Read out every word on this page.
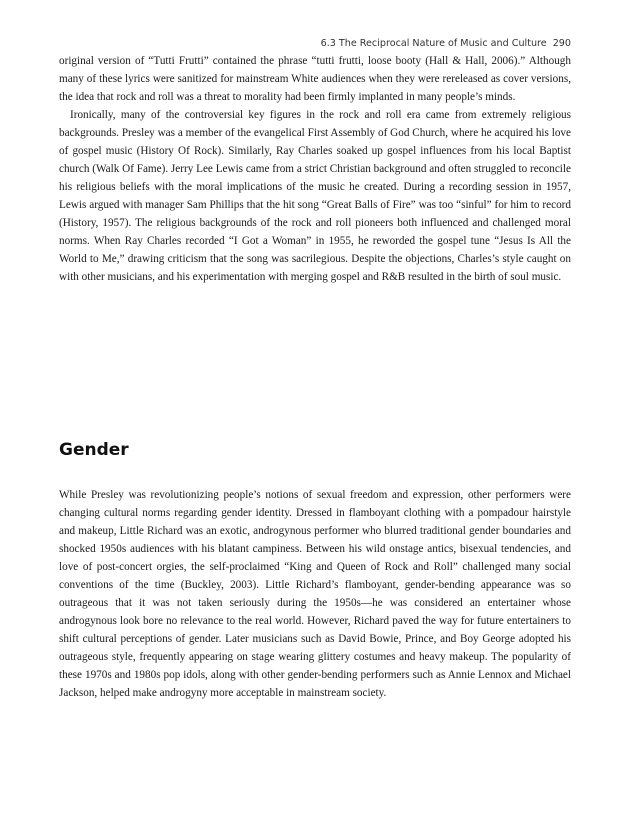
6.3 The Reciprocal Nature of Music and Culture 290

original version of “Tutti Frutti” contained the phrase “tutti frutti, loose booty (Hall & Hall, 2006).” Although many of these lyrics were sanitized for mainstream White audiences when they were rereleased as cover versions, the idea that rock and roll was a threat to morality had been firmly implanted in many people’s minds.

Ironically, many of the controversial key figures in the rock and roll era came from extremely religious backgrounds. Presley was a member of the evangelical First Assembly of God Church, where he acquired his love of gospel music (History Of Rock). Similarly, Ray Charles soaked up gospel influences from his local Baptist church (Walk Of Fame). Jerry Lee Lewis came from a strict Christian background and often struggled to reconcile his religious beliefs with the moral implications of the music he created. During a recording session in 1957, Lewis argued with manager Sam Phillips that the hit song “Great Balls of Fire” was too “sinful” for him to record (History, 1957). The religious backgrounds of the rock and roll pioneers both influenced and challenged moral norms. When Ray Charles recorded “I Got a Woman” in 1955, he reworded the gospel tune “Jesus Is All the World to Me,” drawing criticism that the song was sacrilegious. Despite the objections, Charles’s style caught on with other musicians, and his experimentation with merging gospel and R&B resulted in the birth of soul music.

Gender

While Presley was revolutionizing people’s notions of sexual freedom and expression, other performers were changing cultural norms regarding gender identity. Dressed in flamboyant clothing with a pompadour hairstyle and makeup, Little Richard was an exotic, androgynous performer who blurred traditional gender boundaries and shocked 1950s audiences with his blatant campiness. Between his wild onstage antics, bisexual tendencies, and love of post-concert orgies, the self-proclaimed “King and Queen of Rock and Roll” challenged many social conventions of the time (Buckley, 2003). Little Richard’s flamboyant, gender-bending appearance was so outrageous that it was not taken seriously during the 1950s—he was considered an entertainer whose androgynous look bore no relevance to the real world. However, Richard paved the way for future entertainers to shift cultural perceptions of gender. Later musicians such as David Bowie, Prince, and Boy George adopted his outrageous style, frequently appearing on stage wearing glittery costumes and heavy makeup. The popularity of these 1970s and 1980s pop idols, along with other gender-bending performers such as Annie Lennox and Michael Jackson, helped make androgyny more acceptable in mainstream society.
